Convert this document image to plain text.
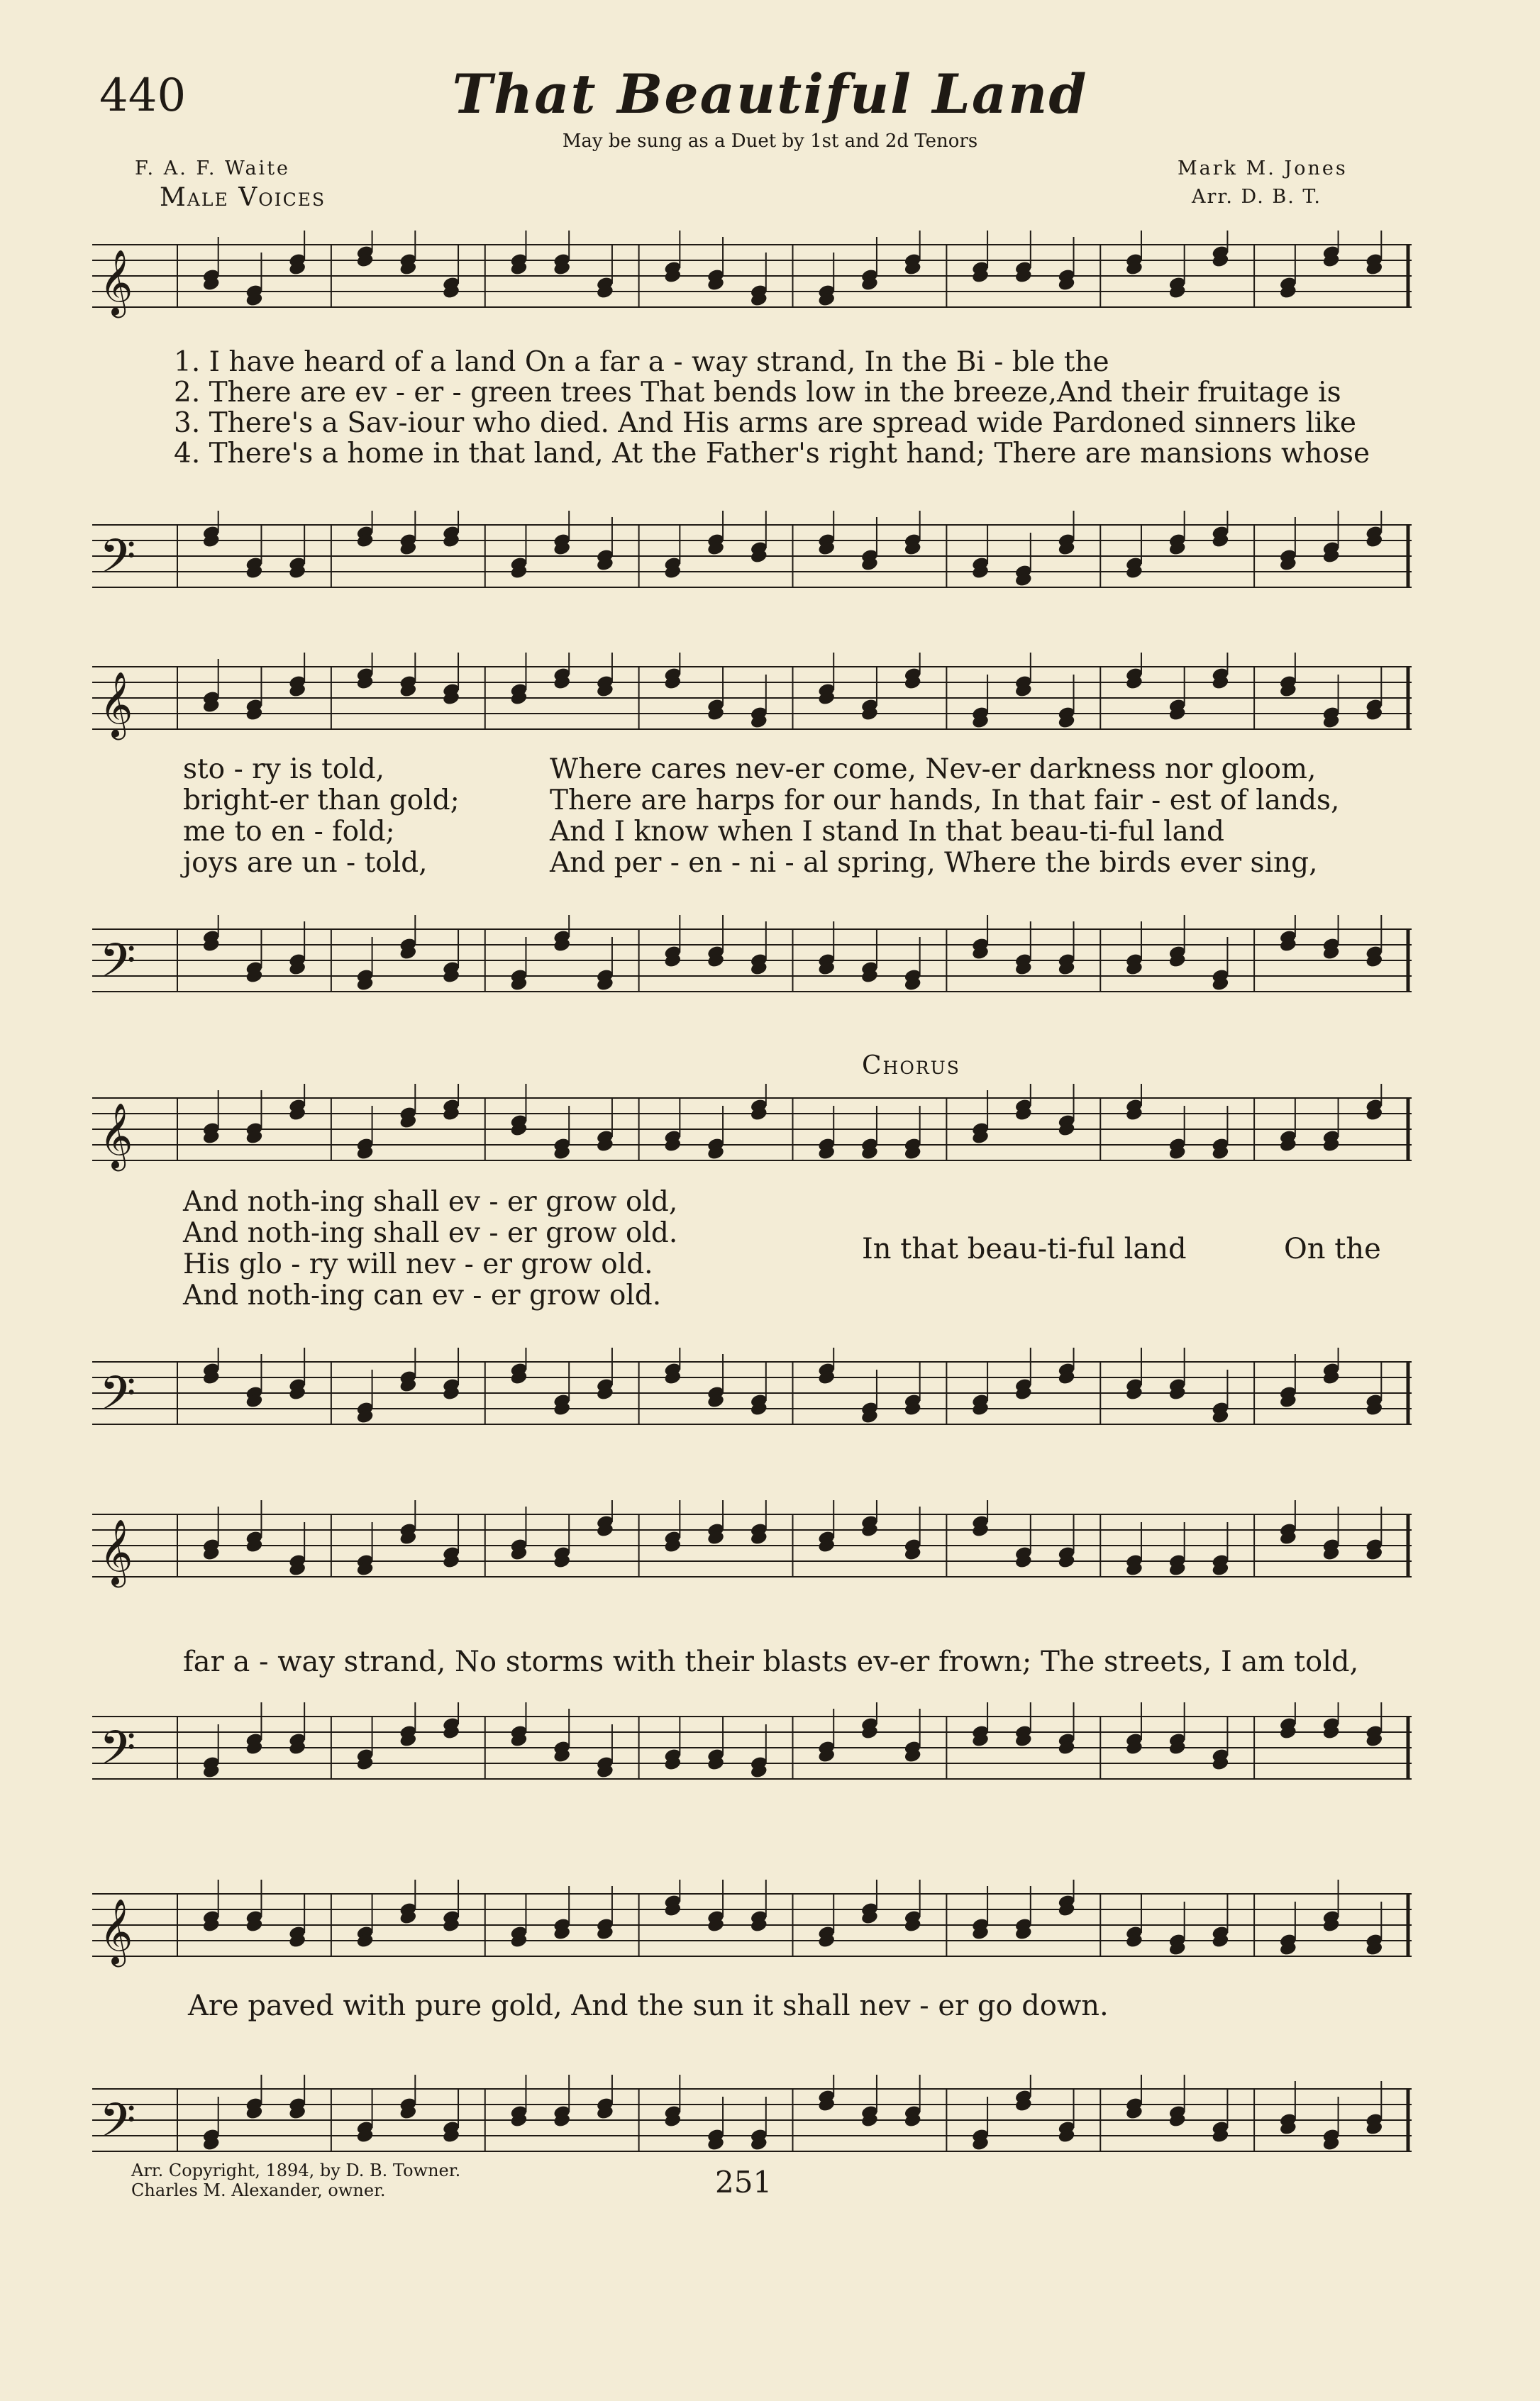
440	That Beautiful Land
May be sung as a Duet by 1st and 2d Tenors
F. A. F. Waite
Male Voices
Mark M. Jones
Arr. D. B. T.
𝄞
𝄢
𝄞
𝄢
𝄞
𝄢
𝄞
𝄢
𝄞
𝄢
1. I have heard of a land On a far a - way strand, In the Bi - ble the
2. There are ev - er - green trees That bends low in the breeze,And their fruitage is
3. There's a Sav-iour who died. And His arms are spread wide Pardoned sinners like
4. There's a home in that land, At the Father's right hand; There are mansions whose
sto - ry is told,
bright-er than gold;
me to en - fold;
joys are un - told,
Where cares nev-er come, Nev-er darkness nor gloom,
There are harps for our hands, In that fair - est of lands,
And I know when I stand In that beau-ti-ful land
And per - en - ni - al spring, Where the birds ever sing,
And noth-ing shall ev - er grow old,
And noth-ing shall ev - er grow old.
His glo - ry will nev - er grow old.
And noth-ing can ev - er grow old.
Chorus
In that beau-ti-ful land	On the
far a - way strand, No storms with their blasts ev-er frown; The streets, I am told,
Are paved with pure gold, And the sun it shall nev - er go down.
Arr. Copyright, 1894, by D. B. Towner.
Charles M. Alexander, owner.	251
